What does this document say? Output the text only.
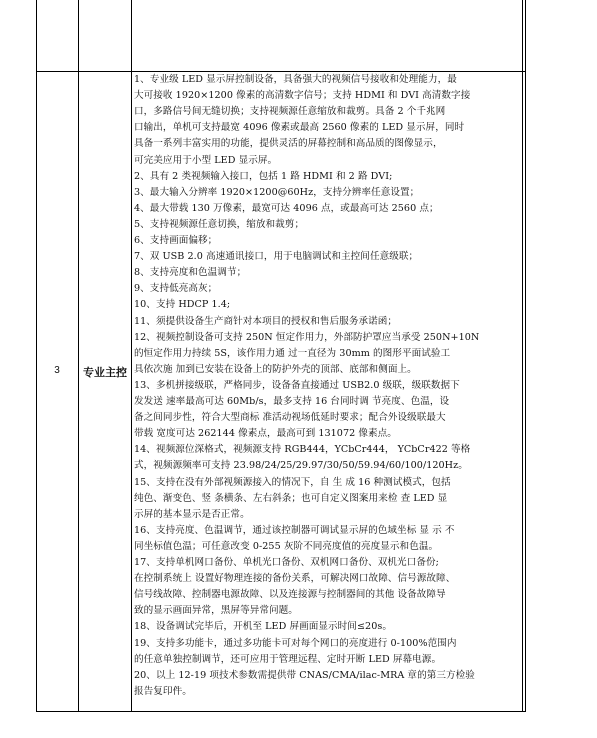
3	专业主控
1、专业级 LED 显示屏控制设备，具备强大的视频信号接收和处理能力，最
大可接收 1920×1200 像素的高清数字信号；支持 HDMI 和 DVI 高清数字接
口，多路信号间无缝切换；支持视频源任意缩放和裁剪。具备 2 个千兆网
口输出，单机可支持最宽 4096 像素或最高 2560 像素的 LED 显示屏，同时
具备一系列丰富实用的功能，提供灵活的屏幕控制和高品质的图像显示，
可完美应用于小型 LED 显示屏。
2、具有 2 类视频输入接口，包括 1 路 HDMI 和 2 路 DVI;
3、最大输入分辨率 1920×1200@60Hz，支持分辨率任意设置；
4、最大带载 130 万像素，最宽可达 4096 点，或最高可达 2560 点；
5、支持视频源任意切换，缩放和裁剪；
6、支持画面偏移；
7、双 USB 2.0 高速通讯接口，用于电脑调试和主控间任意级联；
8、支持亮度和色温调节；
9、支持低亮高灰；
10、支持 HDCP 1.4;
11、须提供设备生产商针对本项目的授权和售后服务承诺函；
12、视频控制设备可支持 250N 恒定作用力，外部防护罩应当承受 250N+10N
的恒定作用力持续 5S，该作用力通 过一直径为 30mm 的图形平面试验工
具依次施 加到已安装在设备上的防护外壳的顶部、底部和侧面上。
13、多机拼接级联，严格同步，设备备直接通过 USB2.0 级联，级联数据下
发发送 速率最高可达 60Mb/s，最多支持 16 台同时调 节亮度、色温，设
备之间同步性，符合大型商标 准活动视场低延时要求；配合外设级联最大
带载 宽度可达 262144 像素点，最高可到 131072 像素点。
14、视频源位深格式，视频源支持 RGB444，YCbCr444， YCbCr422 等格
式，视频源频率可支持 23.98/24/25/29.97/30/50/59.94/60/100/120Hz。
15、支持在没有外部视频源接入的情况下，自 生 成 16 种测试模式，包括
纯色、渐变色、竖 条横条、左右斜条；也可自定义图案用来检 查 LED 显
示屏的基本显示是否正常。
16、支持亮度、色温调节，通过该控制器可调试显示屏的色域坐标 显 示 不
同坐标值色温；可任意改变 0-255 灰阶不同亮度值的亮度显示和色温。
17、支持单机网口备份、单机光口备份、双机网口备份、双机光口备份;
在控制系统上 设置好物理连接的备份关系，可解决网口故障、信号源故障、
信号线故障、控制器电源故障、以及连接源与控制器间的其他 设备故障导
致的显示画面异常，黑屏等异常问题。
18、设备调试完毕后，开机至 LED 屏画面显示时间≤20s。
19、支持多功能卡，通过多功能卡可对每个网口的亮度进行 0-100%范围内
的任意单独控制调节，还可应用于管理远程、定时开断 LED 屏幕电源。
20、以上 12-19 项技术参数需提供带 CNAS/CMA/ilac-MRA 章的第三方检验
报告复印件。
